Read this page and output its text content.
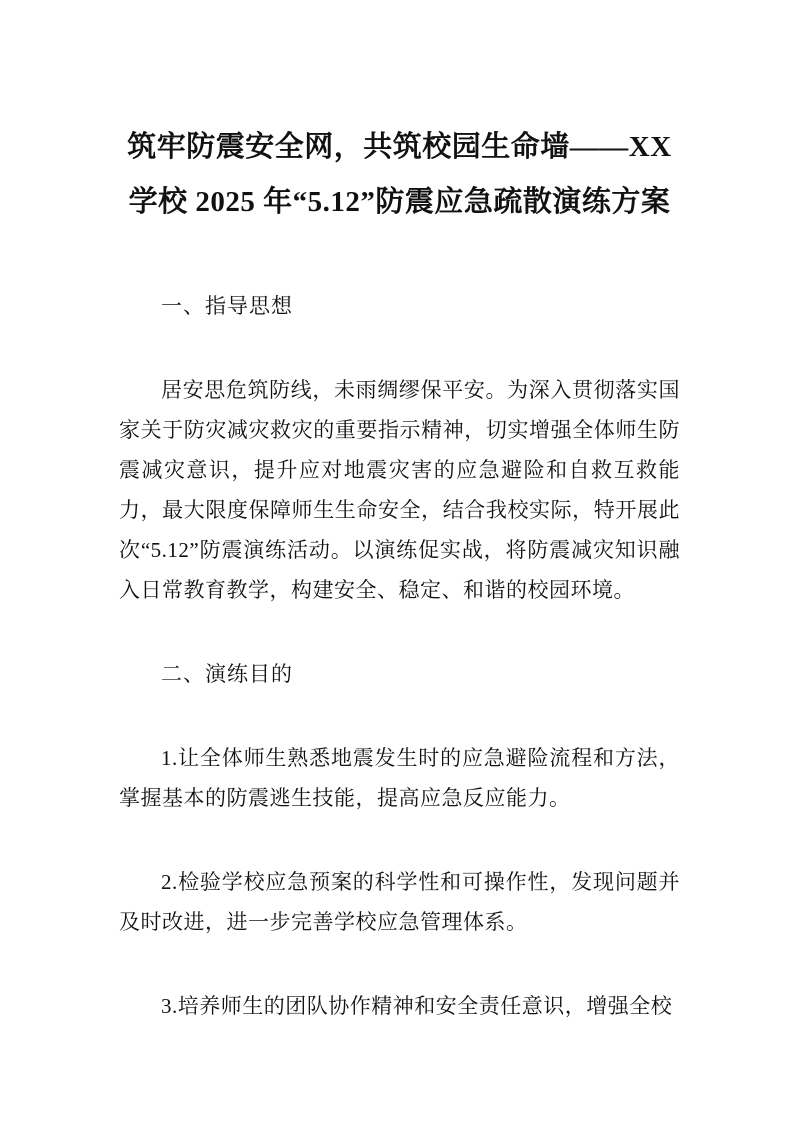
筑牢防震安全网，共筑校园生命墙——XX学校 2025 年“5.12”防震应急疏散演练方案
一、指导思想

居安思危筑防线，未雨绸缪保平安。为深入贯彻落实国家关于防灾减灾救灾的重要指示精神，切实增强全体师生防震减灾意识，提升应对地震灾害的应急避险和自救互救能力，最大限度保障师生生命安全，结合我校实际，特开展此次“5.12”防震演练活动。以演练促实战，将防震减灾知识融入日常教育教学，构建安全、稳定、和谐的校园环境。

二、演练目的

1.让全体师生熟悉地震发生时的应急避险流程和方法，掌握基本的防震逃生技能，提高应急反应能力。

2.检验学校应急预案的科学性和可操作性，发现问题并及时改进，进一步完善学校应急管理体系。

3.培养师生的团队协作精神和安全责任意识，增强全校
